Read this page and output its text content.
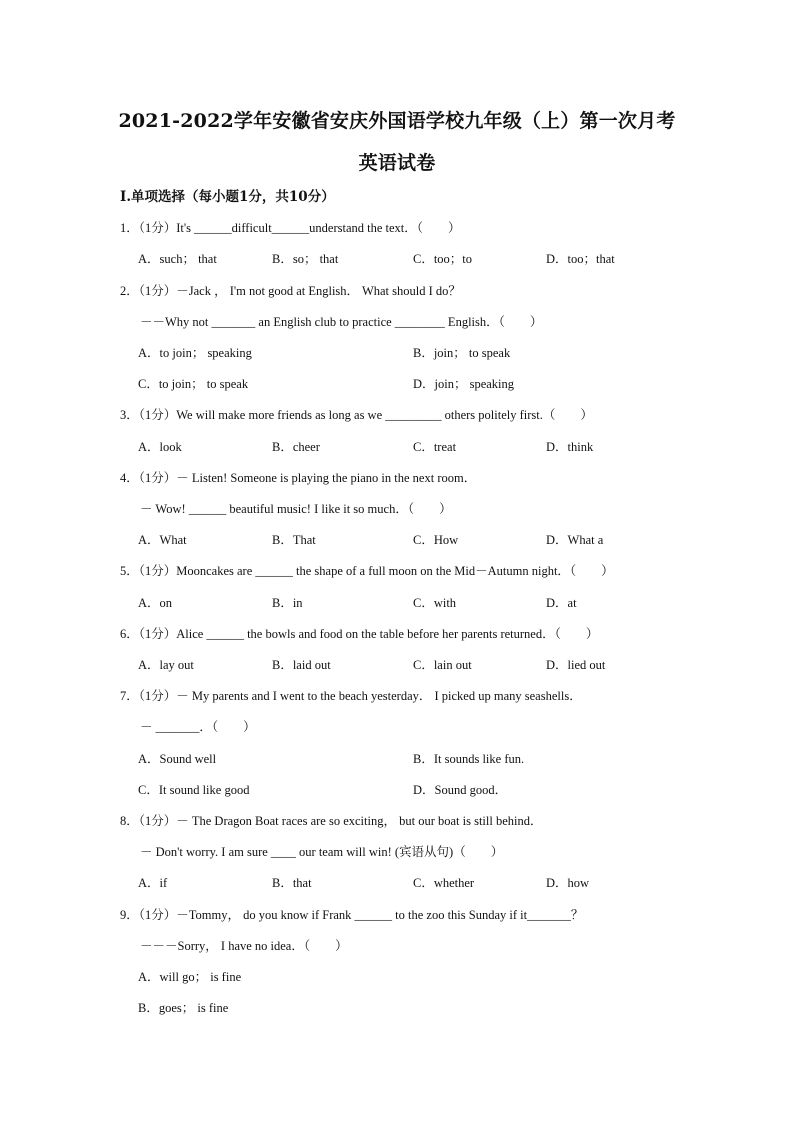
2021-2022学年安徽省安庆外国语学校九年级（上）第一次月考
英语试卷
I.单项选择（每小题1分，共10分）
1．（1分）It's ______difficult______understand the text．（　　）
A．such； that	B．so； that	C．too；to	D．too；that
2．（1分）－Jack ， I'm not good at English． What should I do？
－－Why not _______ an English club to practice ________ English．（　　）
A．to join； speaking	B．join； to speak
C．to join； to speak	D．join； speaking
3．（1分）We will make more friends as long as we _________ others politely first.（　　）
A．look	B．cheer	C．treat	D．think
4．（1分）－ Listen! Someone is playing the piano in the next room．
－ Wow! ______ beautiful music! I like it so much．（　　）
A．What	B．That	C．How	D．What a
5．（1分）Mooncakes are ______ the shape of a full moon on the Mid－Autumn night．（　　）
A．on	B．in	C．with	D．at
6．（1分）Alice ______ the bowls and food on the table before her parents returned．（　　）
A．lay out	B．laid out	C．lain out	D．lied out
7．（1分）－ My parents and I went to the beach yesterday． I picked up many seashells．
－ _______．（　　）
A．Sound well	B．It sounds like fun.
C．It sound like good	D．Sound good．
8．（1分）－ The Dragon Boat races are so exciting， but our boat is still behind．
－ Don't worry. I am sure ____ our team will win! (宾语从句)（　　）
A．if	B．that	C．whether	D．how
9．（1分）－Tommy， do you know if Frank ______ to the zoo this Sunday if it_______？
－－－Sorry， I have no idea．（　　）
A．will go； is fine
B．goes； is fine
